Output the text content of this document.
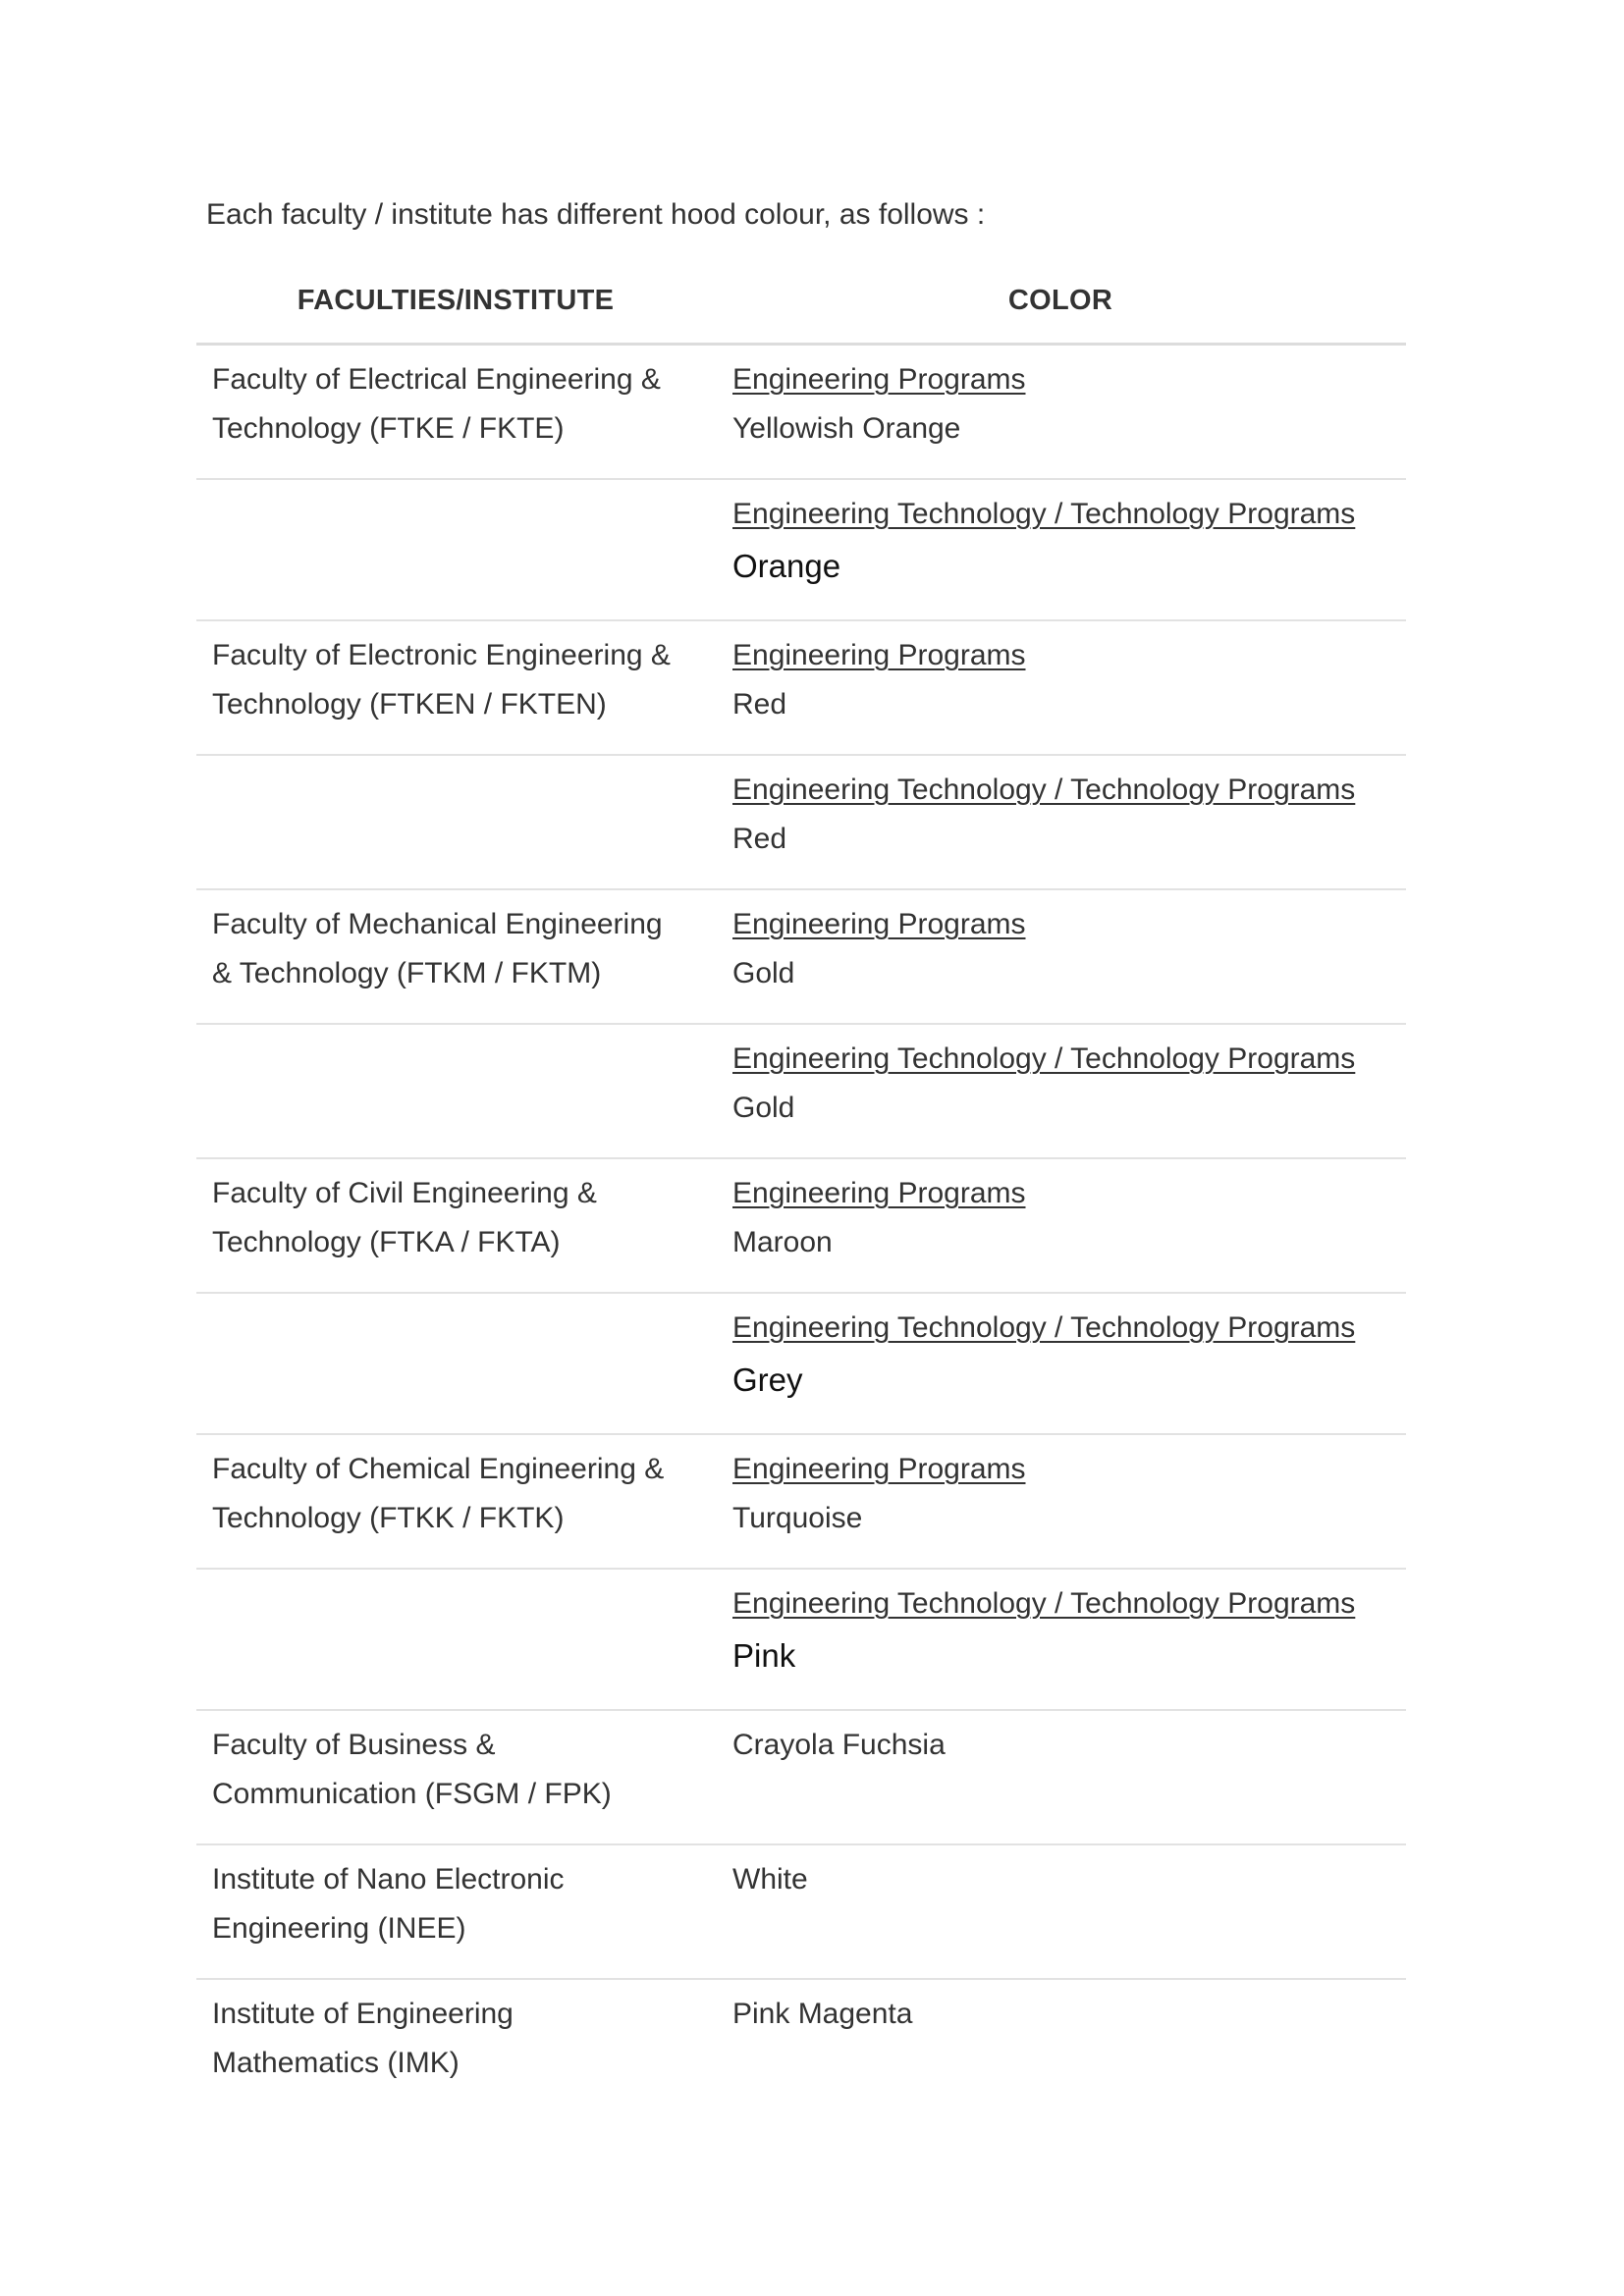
Each faculty / institute has different hood colour, as follows :
FACULTIES/INSTITUTE	COLOR
Faculty of Electrical Engineering &
Technology (FTKE / FKTE)
Engineering Programs
Yellowish Orange
Engineering Technology / Technology Programs
Orange
Faculty of Electronic Engineering &
Technology (FTKEN / FKTEN)
Engineering Programs
Red
Engineering Technology / Technology Programs
Red
Faculty of Mechanical Engineering
& Technology (FTKM / FKTM)
Engineering Programs
Gold
Engineering Technology / Technology Programs
Gold
Faculty of Civil Engineering &
Technology (FTKA / FKTA)
Engineering Programs
Maroon
Engineering Technology / Technology Programs
Grey
Faculty of Chemical Engineering &
Technology (FTKK / FKTK)
Engineering Programs
Turquoise
Engineering Technology / Technology Programs
Pink
Faculty of Business &
Communication (FSGM / FPK)
Crayola Fuchsia
Institute of Nano Electronic
Engineering (INEE)
White
Institute of Engineering
Mathematics (IMK)
Pink Magenta
